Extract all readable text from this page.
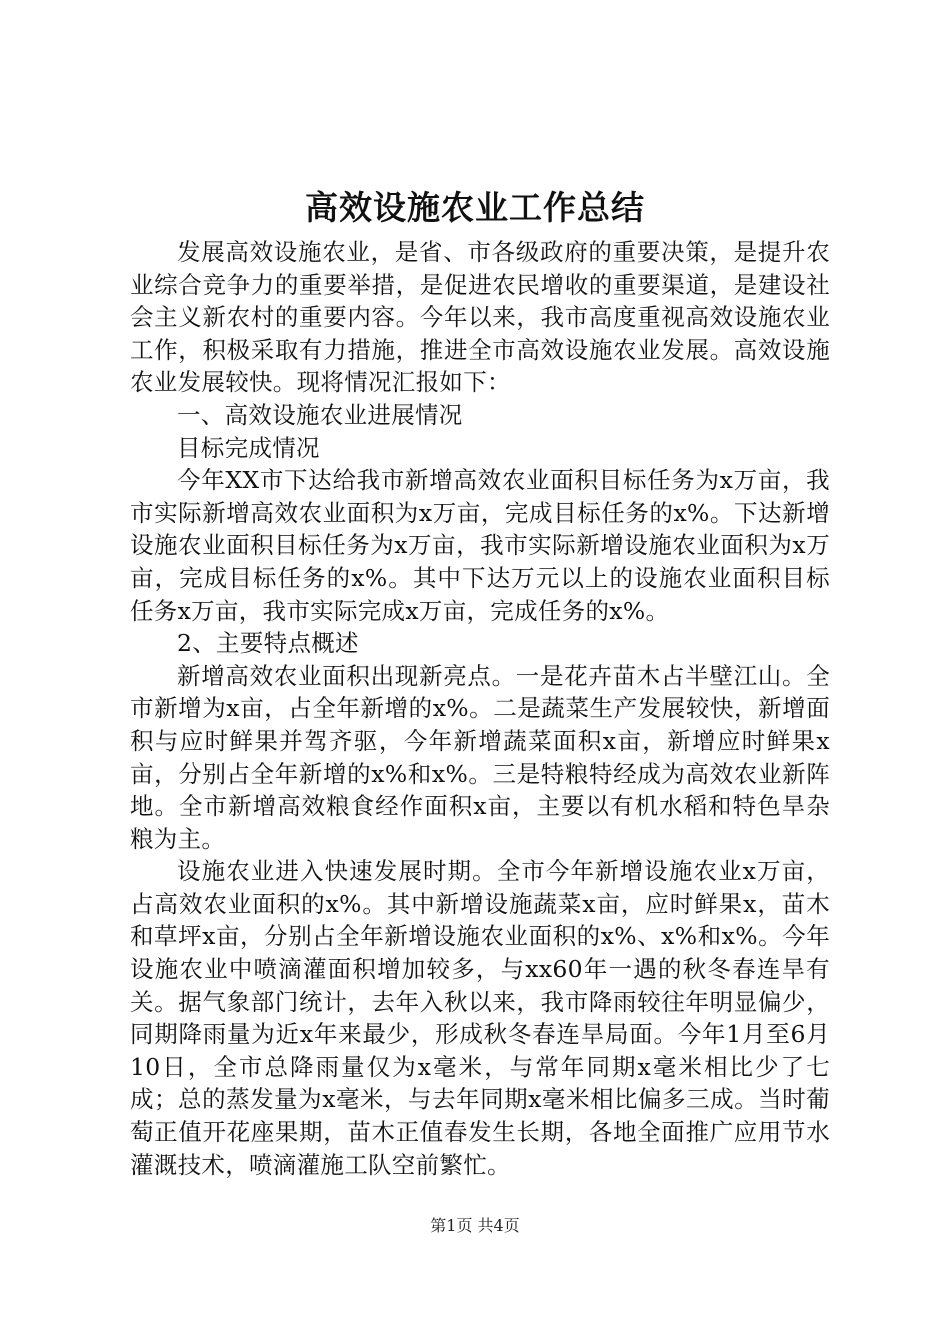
高效设施农业工作总结

发展高效设施农业，是省、市各级政府的重要决策，是提升农业综合竞争力的重要举措，是促进农民增收的重要渠道，是建设社会主义新农村的重要内容。今年以来，我市高度重视高效设施农业工作，积极采取有力措施，推进全市高效设施农业发展。高效设施农业发展较快。现将情况汇报如下：

一、高效设施农业进展情况

目标完成情况

今年XX市下达给我市新增高效农业面积目标任务为x万亩，我市实际新增高效农业面积为x万亩，完成目标任务的x%。下达新增设施农业面积目标任务为x万亩，我市实际新增设施农业面积为x万亩，完成目标任务的x%。其中下达万元以上的设施农业面积目标任务x万亩，我市实际完成x万亩，完成任务的x%。

2、主要特点概述

新增高效农业面积出现新亮点。一是花卉苗木占半壁江山。全市新增为x亩，占全年新增的x%。二是蔬菜生产发展较快，新增面积与应时鲜果并驾齐驱，今年新增蔬菜面积x亩，新增应时鲜果x亩，分别占全年新增的x%和x%。三是特粮特经成为高效农业新阵地。全市新增高效粮食经作面积x亩，主要以有机水稻和特色旱杂粮为主。

设施农业进入快速发展时期。全市今年新增设施农业x万亩，占高效农业面积的x%。其中新增设施蔬菜x亩，应时鲜果x，苗木和草坪x亩，分别占全年新增设施农业面积的x%、x%和x%。今年设施农业中喷滴灌面积增加较多，与xx60年一遇的秋冬春连旱有关。据气象部门统计，去年入秋以来，我市降雨较往年明显偏少，同期降雨量为近x年来最少，形成秋冬春连旱局面。今年1月至6月10日，全市总降雨量仅为x毫米，与常年同期x毫米相比少了七成；总的蒸发量为x毫米，与去年同期x毫米相比偏多三成。当时葡萄正值开花座果期，苗木正值春发生长期，各地全面推广应用节水灌溉技术，喷滴灌施工队空前繁忙。

第1页 共4页
